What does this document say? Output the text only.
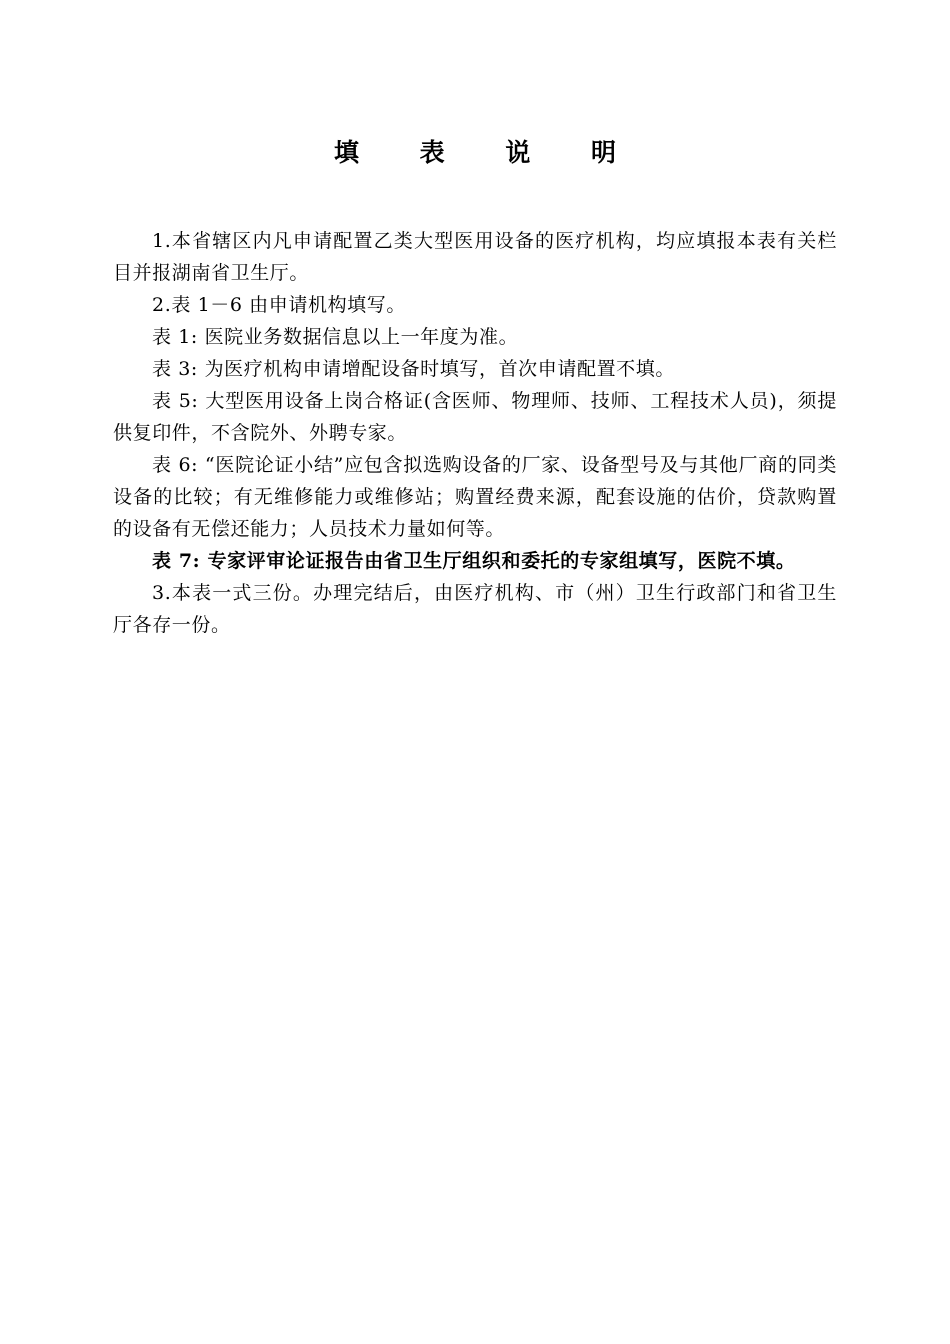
填 表 说 明

1.本省辖区内凡申请配置乙类大型医用设备的医疗机构，均应填报本表有关栏目并报湖南省卫生厅。

2.表 1－6 由申请机构填写。

表 1: 医院业务数据信息以上一年度为准。

表 3: 为医疗机构申请增配设备时填写，首次申请配置不填。

表 5: 大型医用设备上岗合格证(含医师、物理师、技师、工程技术人员)，须提供复印件，不含院外、外聘专家。

表 6: “医院论证小结”应包含拟选购设备的厂家、设备型号及与其他厂商的同类设备的比较；有无维修能力或维修站；购置经费来源，配套设施的估价，贷款购置的设备有无偿还能力；人员技术力量如何等。

表 7: 专家评审论证报告由省卫生厅组织和委托的专家组填写，医院不填。

3.本表一式三份。办理完结后，由医疗机构、市（州）卫生行政部门和省卫生厅各存一份。
